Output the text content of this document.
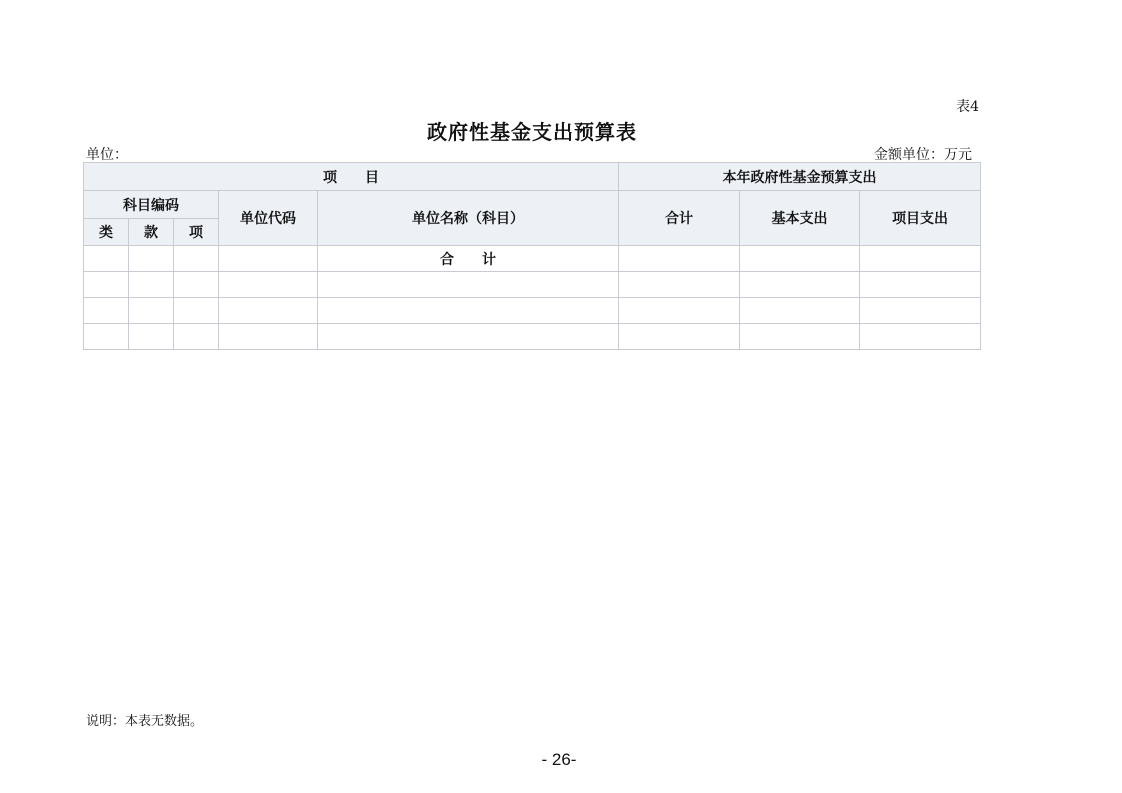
表4
政府性基金支出预算表
单位：	金额单位：万元
项　　目					本年政府性基金预算支出		
科目编码			单位代码	单位名称（科目）	合计	基本支出	项目支出
类	款	项					
				合　　计			

说明：本表无数据。
- 26-
